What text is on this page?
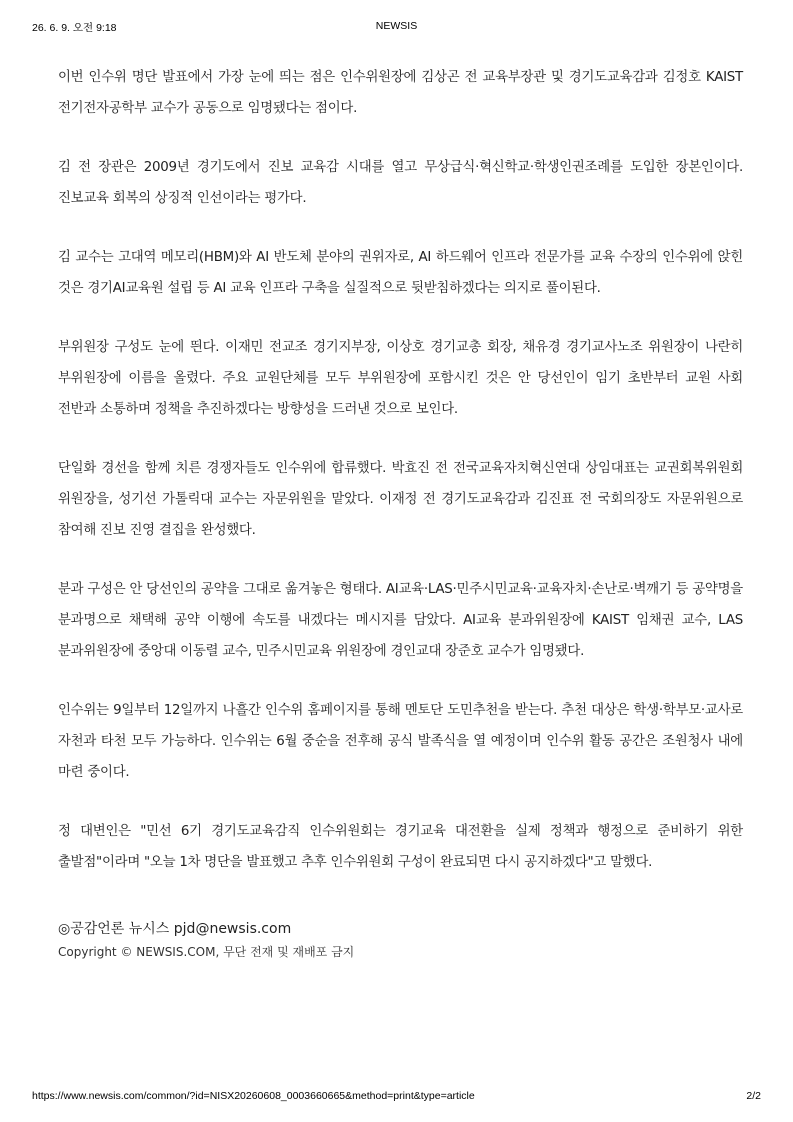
26. 6. 9. 오전 9:18	NEWSIS

이번 인수위 명단 발표에서 가장 눈에 띄는 점은 인수위원장에 김상곤 전 교육부장관 및 경기도교육감과 김정호 KAIST 전기전자공학부 교수가 공동으로 임명됐다는 점이다.

김 전 장관은 2009년 경기도에서 진보 교육감 시대를 열고 무상급식·혁신학교·학생인권조례를 도입한 장본인이다. 진보교육 회복의 상징적 인선이라는 평가다.

김 교수는 고대역 메모리(HBM)와 AI 반도체 분야의 권위자로, AI 하드웨어 인프라 전문가를 교육 수장의 인수위에 앉힌 것은 경기AI교육원 설립 등 AI 교육 인프라 구축을 실질적으로 뒷받침하겠다는 의지로 풀이된다.

부위원장 구성도 눈에 띈다. 이재민 전교조 경기지부장, 이상호 경기교총 회장, 채유경 경기교사노조 위원장이 나란히 부위원장에 이름을 올렸다. 주요 교원단체를 모두 부위원장에 포함시킨 것은 안 당선인이 임기 초반부터 교원 사회 전반과 소통하며 정책을 추진하겠다는 방향성을 드러낸 것으로 보인다.

단일화 경선을 함께 치른 경쟁자들도 인수위에 합류했다. 박효진 전 전국교육자치혁신연대 상임대표는 교권회복위원회 위원장을, 성기선 가톨릭대 교수는 자문위원을 맡았다. 이재정 전 경기도교육감과 김진표 전 국회의장도 자문위원으로 참여해 진보 진영 결집을 완성했다.

분과 구성은 안 당선인의 공약을 그대로 옮겨놓은 형태다. AI교육·LAS·민주시민교육·교육자치·손난로·벽깨기 등 공약명을 분과명으로 채택해 공약 이행에 속도를 내겠다는 메시지를 담았다. AI교육 분과위원장에 KAIST 임채권 교수, LAS 분과위원장에 중앙대 이동렬 교수, 민주시민교육 위원장에 경인교대 장준호 교수가 임명됐다.

인수위는 9일부터 12일까지 나흘간 인수위 홈페이지를 통해 멘토단 도민추천을 받는다. 추천 대상은 학생·학부모·교사로 자천과 타천 모두 가능하다. 인수위는 6월 중순을 전후해 공식 발족식을 열 예정이며 인수위 활동 공간은 조원청사 내에 마련 중이다.

정 대변인은 "민선 6기 경기도교육감직 인수위원회는 경기교육 대전환을 실제 정책과 행정으로 준비하기 위한 출발점"이라며 "오늘 1차 명단을 발표했고 추후 인수위원회 구성이 완료되면 다시 공지하겠다"고 말했다.

◎공감언론 뉴시스 pjd@newsis.com
Copyright © NEWSIS.COM, 무단 전재 및 재배포 금지
https://www.newsis.com/common/?id=NISX20260608_0003660665&method=print&type=article	2/2
